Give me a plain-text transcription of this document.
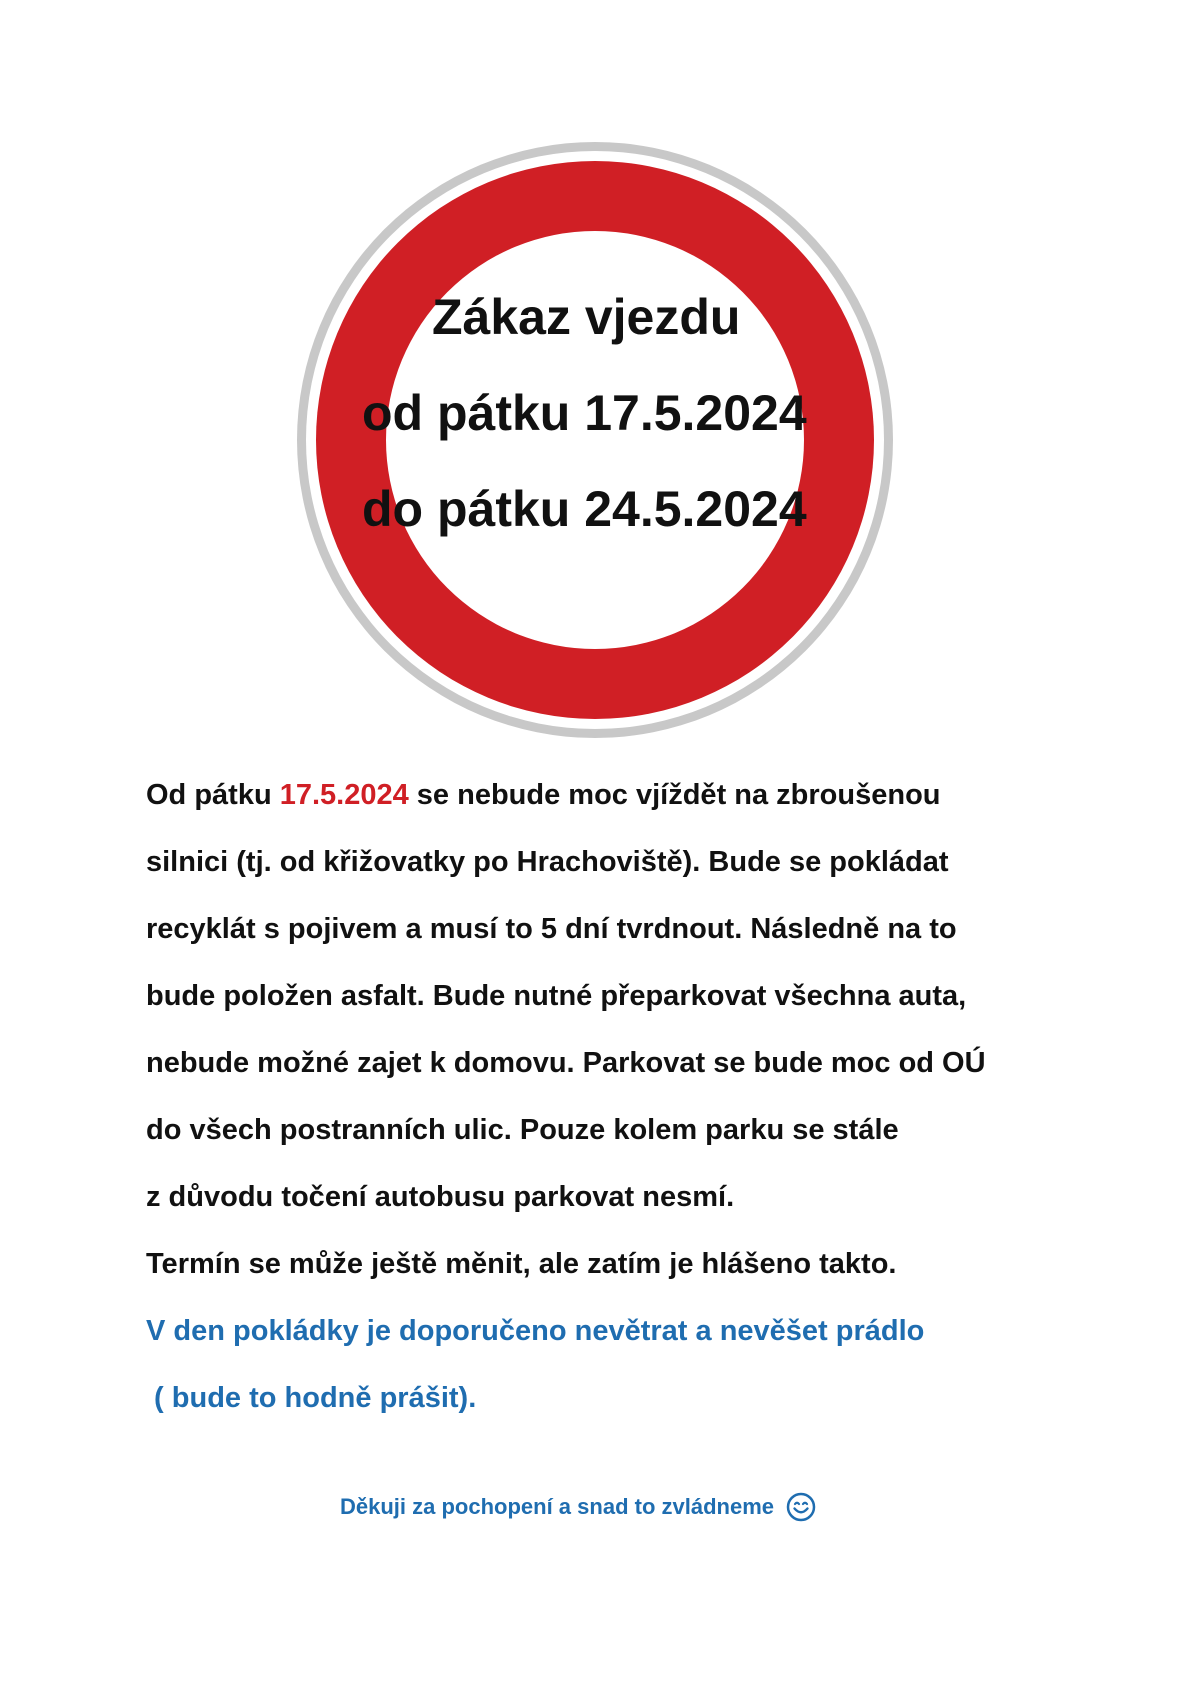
Zákaz vjezdu
od pátku 17.5.2024
do pátku 24.5.2024
Od pátku 17.5.2024 se nebude moc vjíždět na zbroušenou
silnici (tj. od křižovatky po Hrachoviště). Bude se pokládat
recyklát s pojivem a musí to 5 dní tvrdnout. Následně na to
bude položen asfalt. Bude nutné přeparkovat všechna auta,
nebude možné zajet k domovu. Parkovat se bude moc od OÚ
do všech postranních ulic. Pouze kolem parku se stále
z důvodu točení autobusu parkovat nesmí.
Termín se může ještě měnit, ale zatím je hlášeno takto.
V den pokládky je doporučeno nevětrat a nevěšet prádlo
( bude to hodně prášit).
Děkuji za pochopení a snad to zvládneme
